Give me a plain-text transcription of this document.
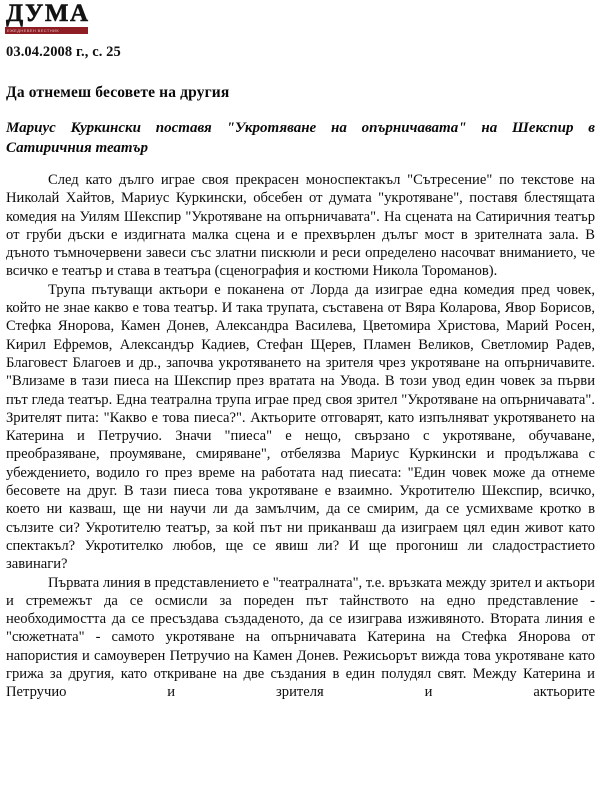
ДУМА
ЕЖЕДНЕВЕН ВЕСТНИК
03.04.2008 г., с. 25
Да отнемеш бесовете на другия
Мариус Куркински поставя "Укротяване на опърничавата" на Шекспир в Сатиричния театър

След като дълго играе своя прекрасен моноспектакъл "Сътресение" по текстове на Николай Хайтов, Мариус Куркински, обсебен от думата "укротяване", поставя блестящата комедия на Уилям Шекспир "Укротяване на опърничавата". На сцената на Сатиричния театър от груби дъски е издигната малка сцена и е прехвърлен дълъг мост в зрителната зала. В дъното тъмночервени завеси със златни пискюли и реси определено насочват вниманието, че всичко е театър и става в театъра (сценография и костюми Никола Тороманов).

Трупа пътуващи актьори е поканена от Лорда да изиграе една комедия пред човек, който не знае какво е това театър. И така трупата, съставена от Вяра Коларова, Явор Борисов, Стефка Янорова, Камен Донев, Александра Василева, Цветомира Христова, Марий Росен, Кирил Ефремов, Александър Кадиев, Стефан Щерев, Пламен Великов, Светломир Радев, Благовест Благоев и др., започва укротяването на зрителя чрез укротяване на опърничавите. "Влизаме в тази пиеса на Шекспир през вратата на Увода. В този увод един човек за първи път гледа театър. Една театрална трупа играе пред своя зрител "Укротяване на опърничавата". Зрителят пита: "Какво е това пиеса?". Актьорите отговарят, като изпълняват укротяването на Катерина и Петручио. Значи "пиеса" е нещо, свързано с укротяване, обучаване, преобразяване, проумяване, смиряване", отбелязва Мариус Куркински и продължава с убеждението, водило го през време на работата над пиесата: "Един човек може да отнеме бесовете на друг. В тази пиеса това укротяване е взаимно. Укротителю Шекспир, всичко, което ни казваш, ще ни научи ли да замълчим, да се смирим, да се усмихваме кротко в сълзите си? Укротителю театър, за кой път ни приканваш да изиграем цял един живот като спектакъл? Укротителко любов, ще се явиш ли? И ще прогониш ли сладострастието завинаги?

Първата линия в представлението е "театралната", т.е. връзката между зрител и актьори и стремежът да се осмисли за пореден път тайнството на едно представление - необходимостта да се пресъздава създаденото, да се изиграва изживяното. Втората линия е "сюжетната" - самото укротяване на опърничавата Катерина на Стефка Янорова от напористия и самоуверен Петручио на Камен Донев. Режисьорът вижда това укротяване като грижа за другия, като откриване на две създания в един полудял свят. Между Катерина и Петручио и зрителя и актьорите
